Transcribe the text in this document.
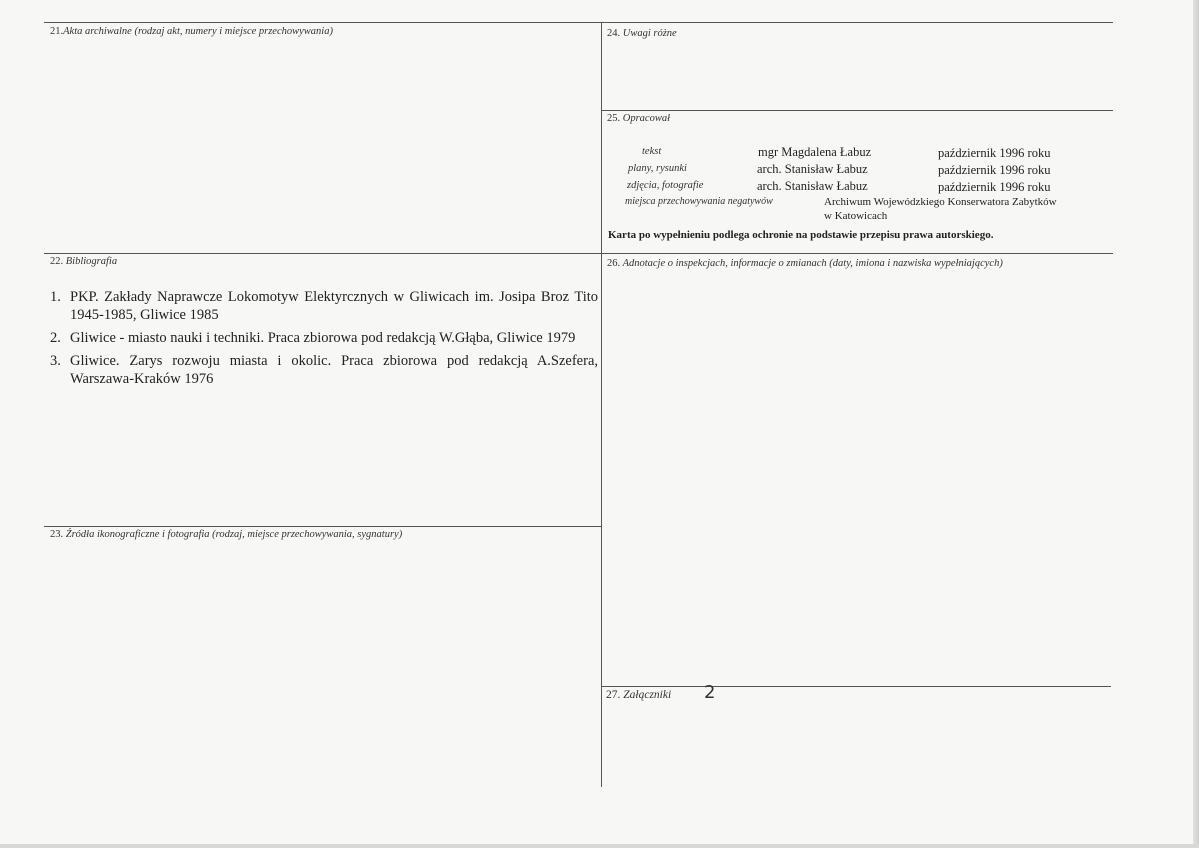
21.Akta archiwalne (rodzaj akt, numery i miejsce przechowywania)	24. Uwagi różne
25. Opracował
tekst	mgr Magdalena Łabuz	październik 1996 roku
plany, rysunki	arch. Stanisław Łabuz	październik 1996 roku
zdjęcia, fotografie	arch. Stanisław Łabuz	październik 1996 roku
miejsca przechowywania negatywów	Archiwum Wojewódzkiego Konserwatora Zabytków
w Katowicach
Karta po wypełnieniu podlega ochronie na podstawie przepisu prawa autorskiego.
22. Bibliografia
1. PKP. Zakłady Naprawcze Lokomotyw Elektyrcznych w Gliwicach im. Josipa Broz Tito 1945-1985, Gliwice 1985
2. Gliwice - miasto nauki i techniki. Praca zbiorowa pod redakcją W.Głąba, Gliwice 1979
3. Gliwice. Zarys rozwoju miasta i okolic. Praca zbiorowa pod redakcją A.Szefera, Warszawa-Kraków 1976
26. Adnotacje o inspekcjach, informacje o zmianach (daty, imiona i nazwiska wypełniających)
23. Źródła ikonograficzne i fotografia (rodzaj, miejsce przechowywania, sygnatury)
27. Załączniki 2
